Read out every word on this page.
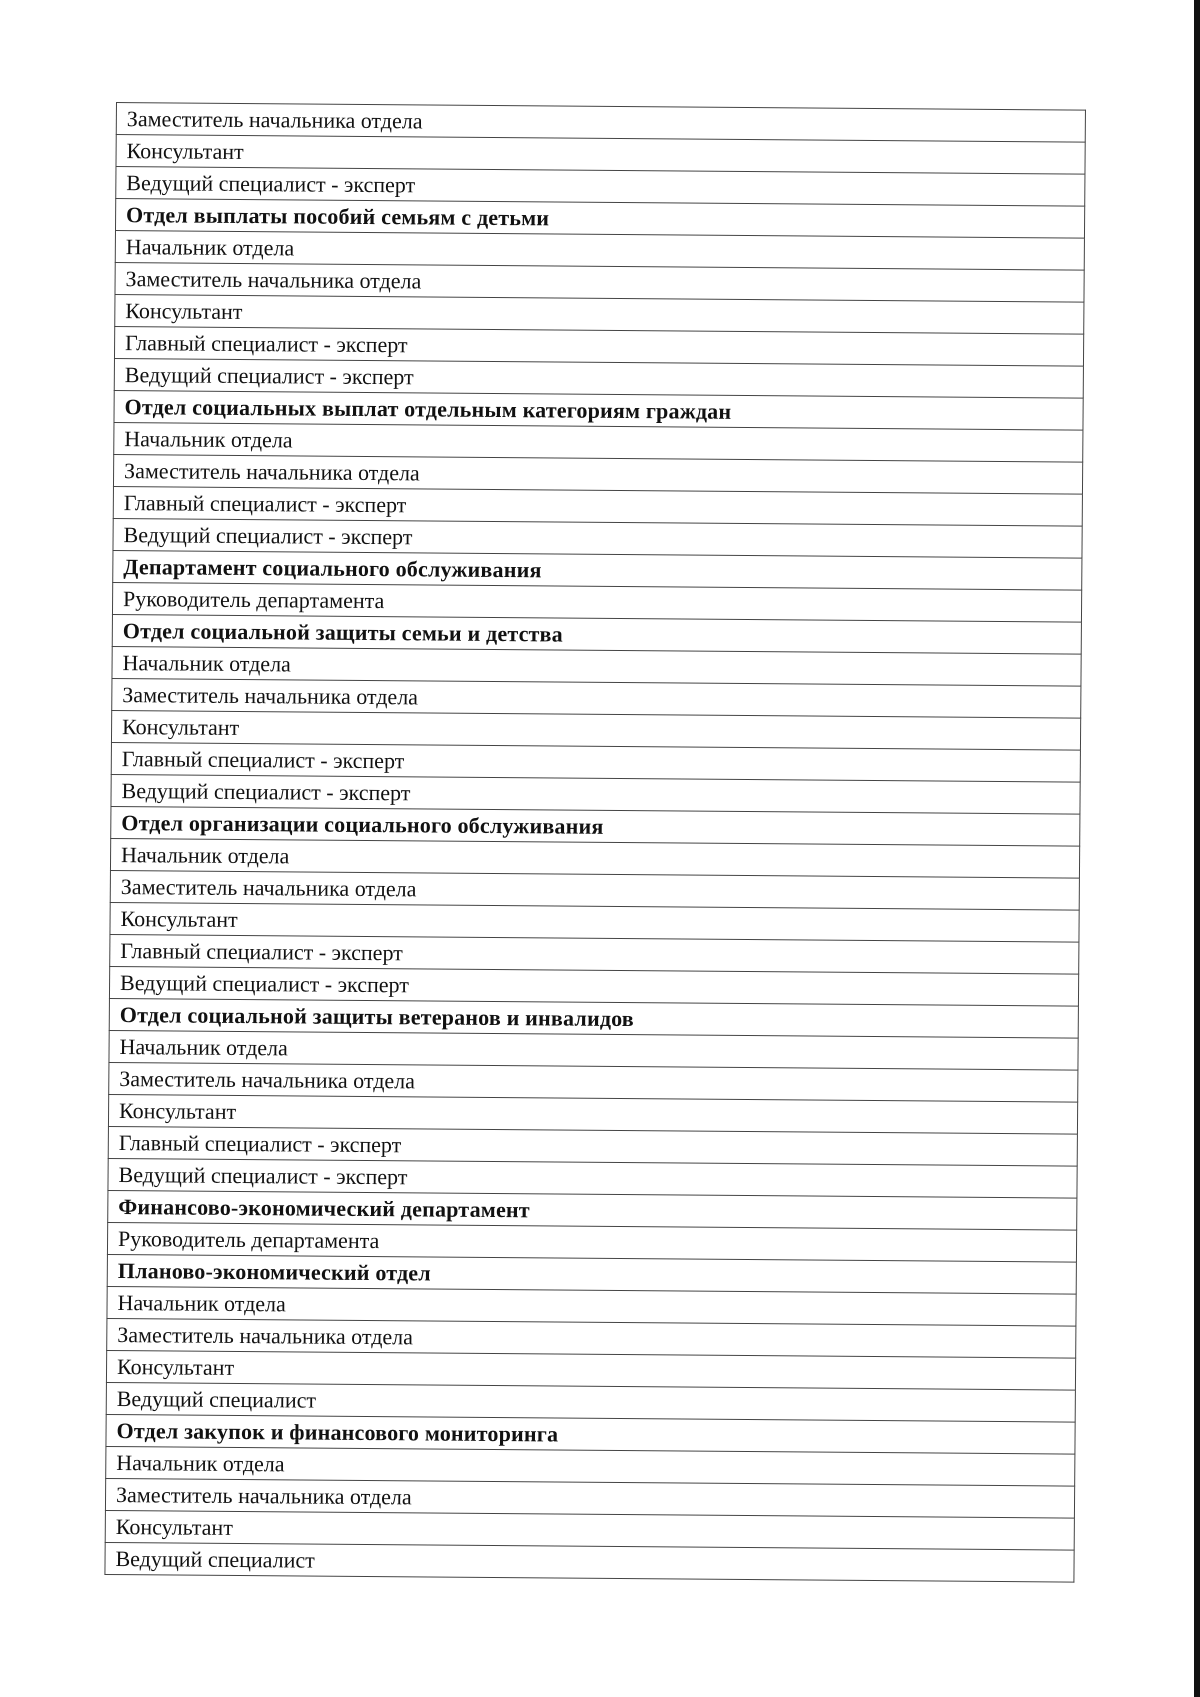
Заместитель начальника отдела
Консультант
Ведущий специалист - эксперт
Отдел выплаты пособий семьям с детьми
Начальник отдела
Заместитель начальника отдела
Консультант
Главный специалист - эксперт
Ведущий специалист - эксперт
Отдел социальных выплат отдельным категориям граждан
Начальник отдела
Заместитель начальника отдела
Главный специалист - эксперт
Ведущий специалист - эксперт
Департамент социального обслуживания
Руководитель департамента
Отдел социальной защиты семьи и детства
Начальник отдела
Заместитель начальника отдела
Консультант
Главный специалист - эксперт
Ведущий специалист - эксперт
Отдел организации социального обслуживания
Начальник отдела
Заместитель начальника отдела
Консультант
Главный специалист - эксперт
Ведущий специалист - эксперт
Отдел социальной защиты ветеранов и инвалидов
Начальник отдела
Заместитель начальника отдела
Консультант
Главный специалист - эксперт
Ведущий специалист - эксперт
Финансово-экономический департамент
Руководитель департамента
Планово-экономический отдел
Начальник отдела
Заместитель начальника отдела
Консультант
Ведущий специалист
Отдел закупок и финансового мониторинга
Начальник отдела
Заместитель начальника отдела
Консультант
Ведущий специалист
